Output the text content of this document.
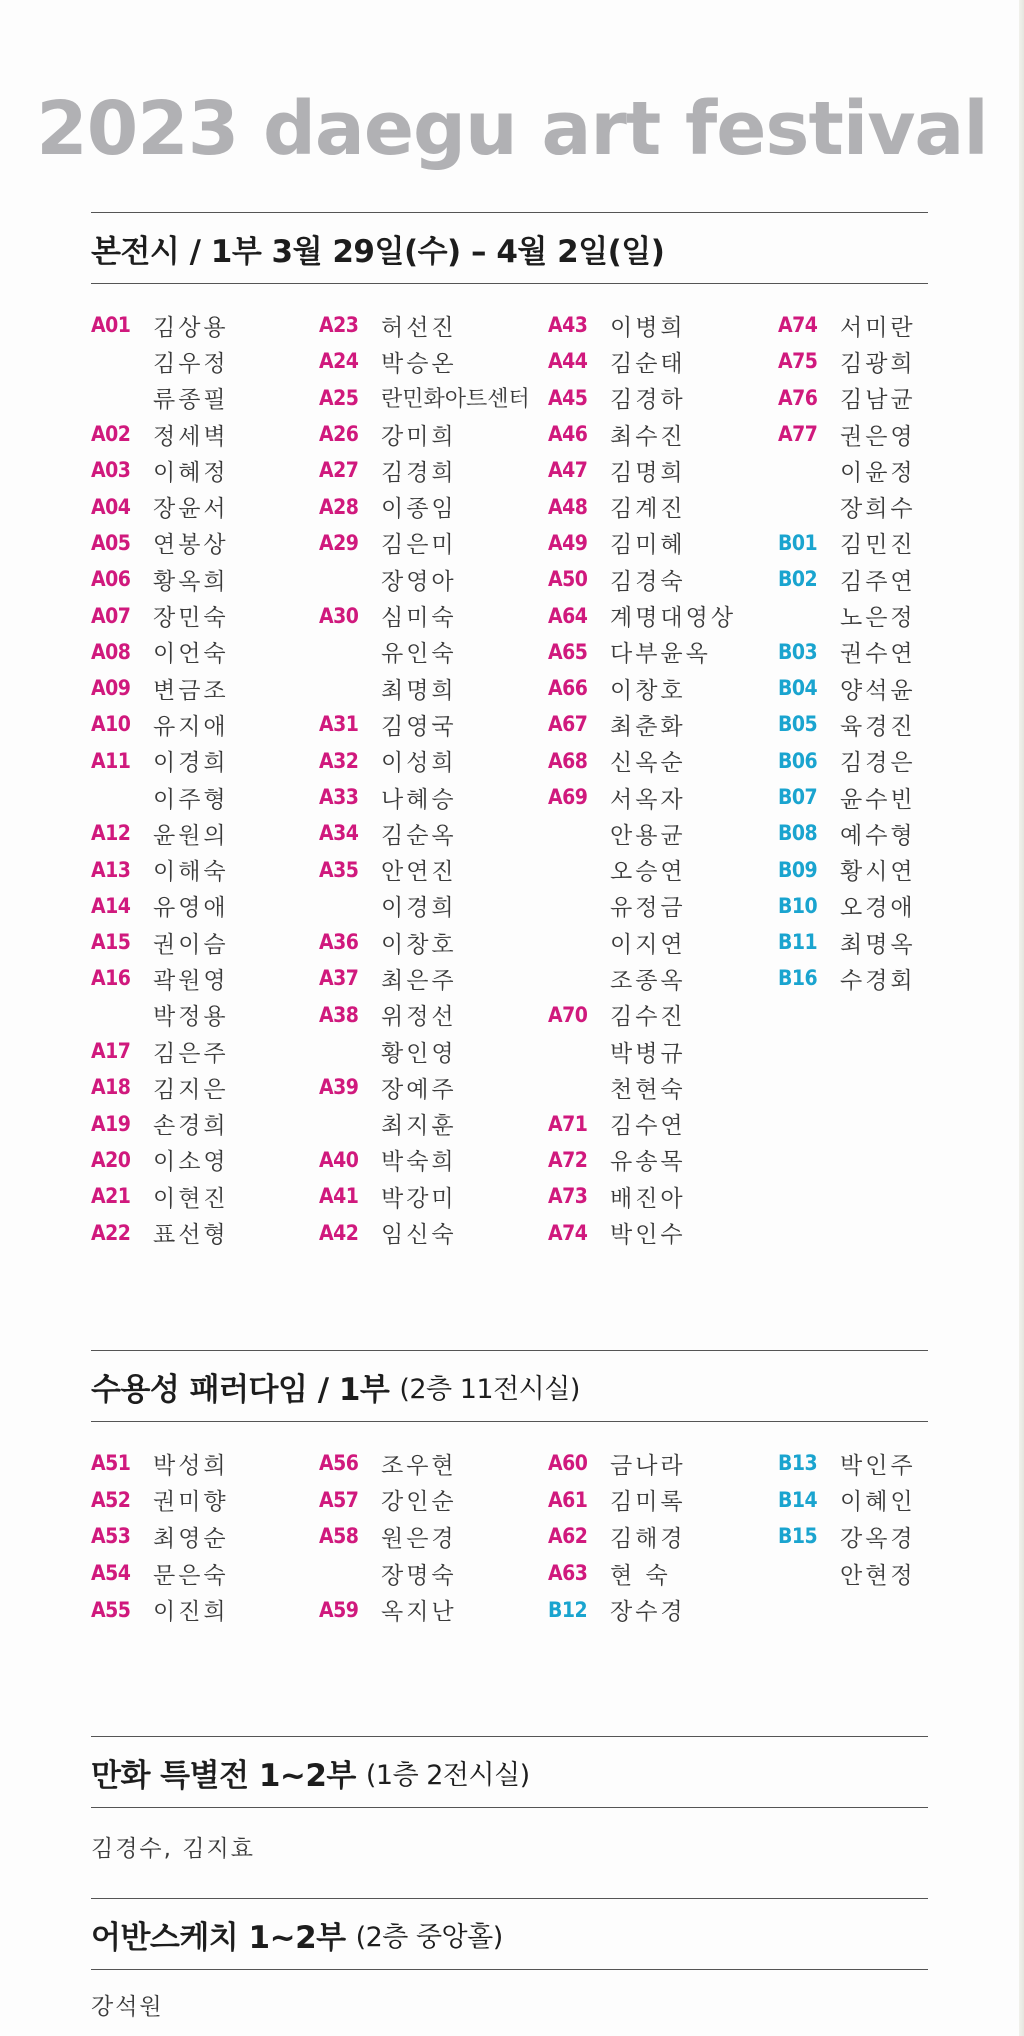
2023 daegu art festival
본전시 / 1부 3월 29일(수) – 4월 2일(일)
A01 김상용
김우정
류종필
A02 정세벽
A03 이혜정
A04 장윤서
A05 연봉상
A06 황옥희
A07 장민숙
A08 이언숙
A09 변금조
A10 유지애
A11 이경희
이주형
A12 윤원의
A13 이해숙
A14 유영애
A15 권이슴
A16 곽원영
박정용
A17 김은주
A18 김지은
A19 손경희
A20 이소영
A21 이현진
A22 표선형
A23 허선진
A24 박승온
A25	란민화아트센터
A26 강미희
A27 김경희
A28 이종임
A29 김은미
장영아
A30 심미숙
유인숙
최명희
A31 김영국
A32 이성희
A33 나혜승
A34 김순옥
A35 안연진
이경희
A36 이창호
A37 최은주
A38 위정선
황인영
A39 장예주
최지훈
A40 박숙희
A41 박강미
A42 임신숙
A43 이병희
A44 김순태
A45 김경하
A46 최수진
A47 김명희
A48 김계진
A49 김미혜
A50 김경숙
A64 계명대영상
A65 다부윤옥
A66 이창호
A67 최춘화
A68 신옥순
A69 서옥자
안용균
오승연
유정금
이지연
조종옥
A70 김수진
박병규
천현숙
A71 김수연
A72 유송목
A73 배진아
A74 박인수
A74 서미란
A75 김광희
A76 김남균
A77 권은영
이윤정
장희수
B01 김민진
B02 김주연
노은정
B03 권수연
B04 양석윤
B05 육경진
B06 김경은
B07 윤수빈
B08 예수형
B09 황시연
B10 오경애
B11 최명옥
B16 수경회
수용성 패러다임 / 1부 (2층 11전시실)
A51 박성희
A52 권미향
A53 최영순
A54 문은숙
A55 이진희
A56 조우현
A57 강인순
A58 원은경
장명숙
A59 옥지난
A60 금나라
A61 김미록
A62 김해경
A63 현 숙
B12 장수경
B13 박인주
B14 이혜인
B15 강옥경
안현정
만화 특별전 1~2부 (1층 2전시실)
김경수, 김지효
어반스케치 1~2부 (2층 중앙홀)
강석원
